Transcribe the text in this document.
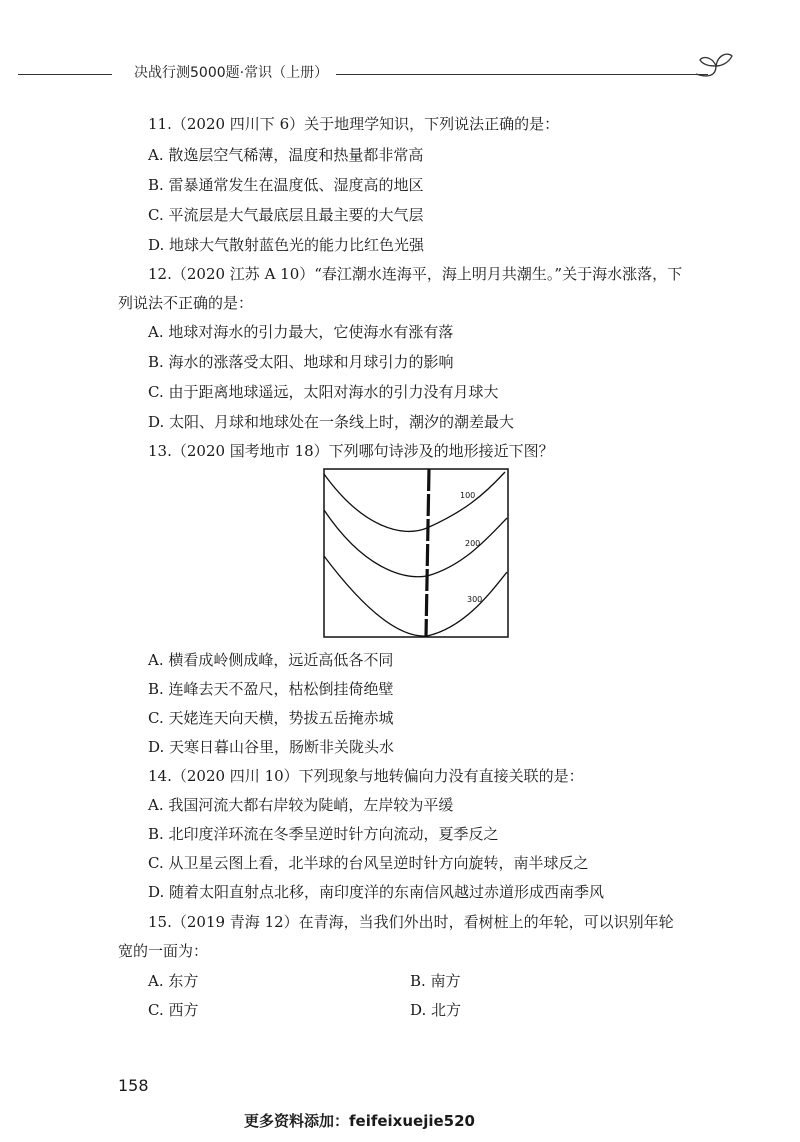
决战行测5000题·常识（上册）
11.（2020 四川下 6）关于地理学知识，下列说法正确的是：
A. 散逸层空气稀薄，温度和热量都非常高
B. 雷暴通常发生在温度低、湿度高的地区
C. 平流层是大气最底层且最主要的大气层
D. 地球大气散射蓝色光的能力比红色光强
12.（2020 江苏 A 10）“春江潮水连海平，海上明月共潮生。”关于海水涨落，下
列说法不正确的是：
A. 地球对海水的引力最大，它使海水有涨有落
B. 海水的涨落受太阳、地球和月球引力的影响
C. 由于距离地球遥远，太阳对海水的引力没有月球大
D. 太阳、月球和地球处在一条线上时，潮汐的潮差最大
13.（2020 国考地市 18）下列哪句诗涉及的地形接近下图？
100
200
300
A. 横看成岭侧成峰，远近高低各不同
B. 连峰去天不盈尺，枯松倒挂倚绝壁
C. 天姥连天向天横，势拔五岳掩赤城
D. 天寒日暮山谷里，肠断非关陇头水
14.（2020 四川 10）下列现象与地转偏向力没有直接关联的是：
A. 我国河流大都右岸较为陡峭，左岸较为平缓
B. 北印度洋环流在冬季呈逆时针方向流动，夏季反之
C. 从卫星云图上看，北半球的台风呈逆时针方向旋转，南半球反之
D. 随着太阳直射点北移，南印度洋的东南信风越过赤道形成西南季风
15.（2019 青海 12）在青海，当我们外出时，看树桩上的年轮，可以识别年轮
宽的一面为：
A. 东方	B. 南方
C. 西方	D. 北方
158
更多资料添加：feifeixuejie520
